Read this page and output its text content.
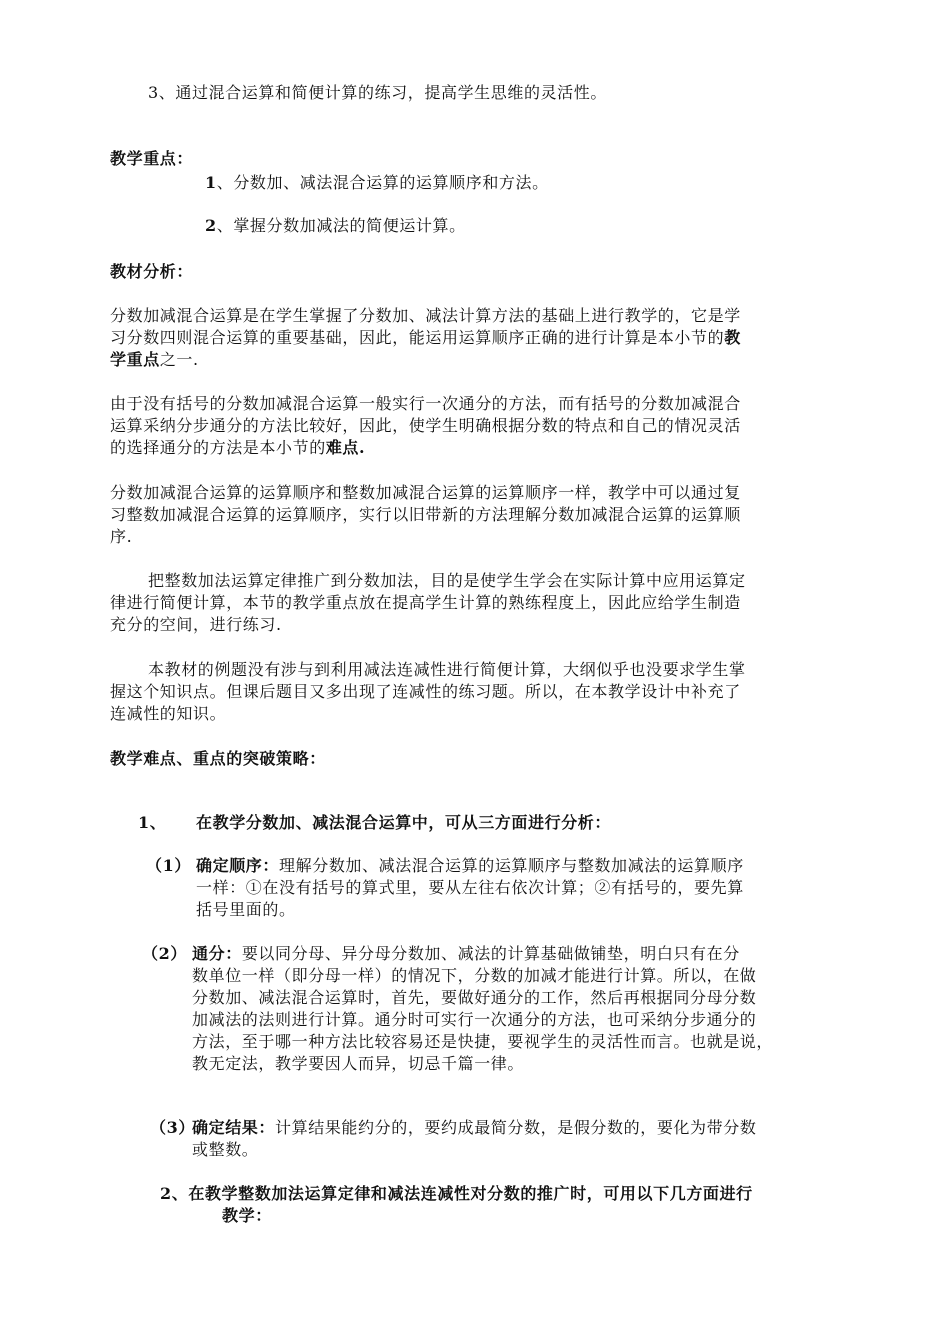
3、通过混合运算和简便计算的练习，提高学生思维的灵活性。
教学重点：
1、分数加、减法混合运算的运算顺序和方法。
2、掌握分数加减法的简便运计算。
教材分析：
分数加减混合运算是在学生掌握了分数加、减法计算方法的基础上进行教学的，它是学
习分数四则混合运算的重要基础，因此，能运用运算顺序正确的进行计算是本小节的教
学重点之一.
由于没有括号的分数加减混合运算一般实行一次通分的方法，而有括号的分数加减混合
运算采纳分步通分的方法比较好，因此，使学生明确根据分数的特点和自己的情况灵活
的选择通分的方法是本小节的难点.
分数加减混合运算的运算顺序和整数加减混合运算的运算顺序一样，教学中可以通过复
习整数加减混合运算的运算顺序，实行以旧带新的方法理解分数加减混合运算的运算顺
序.
把整数加法运算定律推广到分数加法，目的是使学生学会在实际计算中应用运算定
律进行简便计算，本节的教学重点放在提高学生计算的熟练程度上，因此应给学生制造
充分的空间，进行练习.
本教材的例题没有涉与到利用减法连减性进行简便计算，大纲似乎也没要求学生掌
握这个知识点。但课后题目又多出现了连减性的练习题。所以，在本教学设计中补充了
连减性的知识。
教学难点、重点的突破策略：
1、 在教学分数加、减法混合运算中，可从三方面进行分析：
（1） 确定顺序：理解分数加、减法混合运算的运算顺序与整数加减法的运算顺序
一样：①在没有括号的算式里，要从左往右依次计算；②有括号的，要先算
括号里面的。
（2） 通分：要以同分母、异分母分数加、减法的计算基础做铺垫，明白只有在分
数单位一样（即分母一样）的情况下，分数的加减才能进行计算。所以，在做
分数加、减法混合运算时，首先，要做好通分的工作，然后再根据同分母分数
加减法的法则进行计算。通分时可实行一次通分的方法，也可采纳分步通分的
方法，至于哪一种方法比较容易还是快捷，要视学生的灵活性而言。也就是说，
教无定法，教学要因人而异，切忌千篇一律。
（3）
确定结果：计算结果能约分的，要约成最简分数，是假分数的，要化为带分数
或整数。
2、在教学整数加法运算定律和减法连减性对分数的推广时，可用以下几方面进行
教学：
